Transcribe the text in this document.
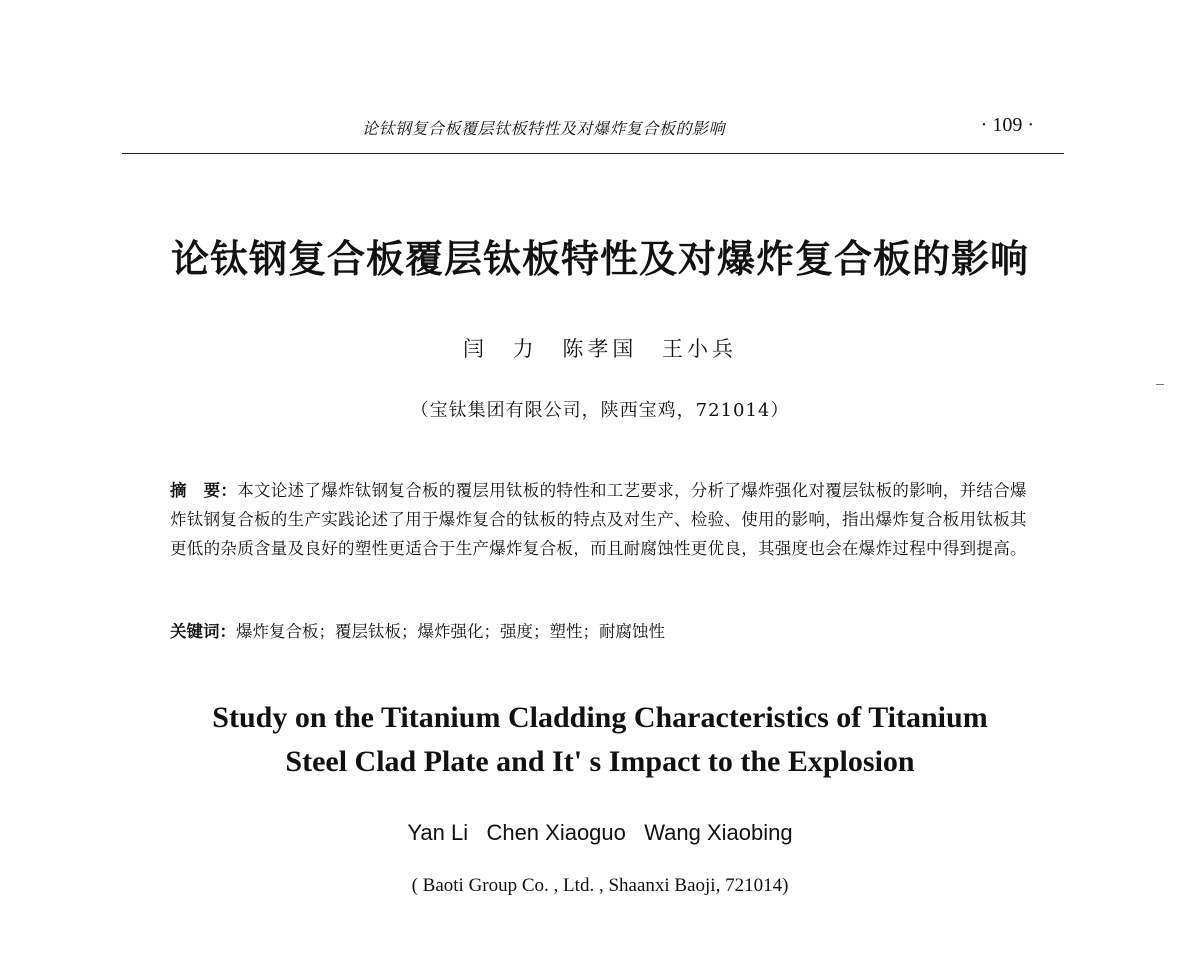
论钛钢复合板覆层钛板特性及对爆炸复合板的影响	· 109 ·
论钛钢复合板覆层钛板特性及对爆炸复合板的影响
闫 力 陈孝国 王小兵
（宝钛集团有限公司，陕西宝鸡，721014）
摘　要：本文论述了爆炸钛钢复合板的覆层用钛板的特性和工艺要求，分析了爆炸强化对覆层钛板的影响，并结合爆炸钛钢复合板的生产实践论述了用于爆炸复合的钛板的特点及对生产、检验、使用的影响，指出爆炸复合板用钛板其更低的杂质含量及良好的塑性更适合于生产爆炸复合板，而且耐腐蚀性更优良，其强度也会在爆炸过程中得到提高。
关键词：爆炸复合板；覆层钛板；爆炸强化；强度；塑性；耐腐蚀性
Study on the Titanium Cladding Characteristics of Titanium
Steel Clad Plate and It' s Impact to the Explosion
Yan Li   Chen Xiaoguo   Wang Xiaobing
( Baoti Group Co. , Ltd. , Shaanxi Baoji, 721014)
